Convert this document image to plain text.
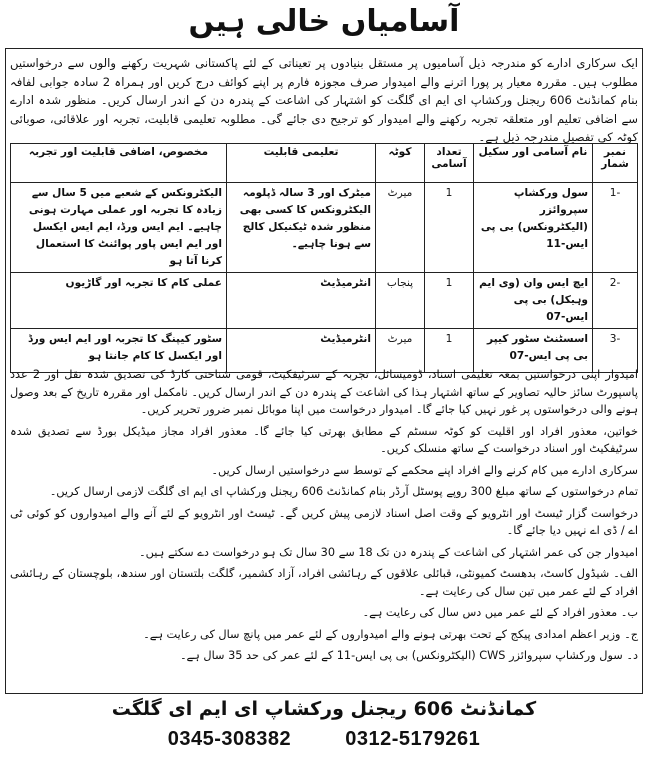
آسامیاں خالی ہیں
ایک سرکاری ادارے کو مندرجہ ذیل آسامیوں پر مستقل بنیادوں پر تعیناتی کے لئے پاکستانی شہریت رکھنے والوں سے درخواستیں مطلوب ہیں۔ مقررہ معیار پر پورا اترنے والے امیدوار صرف مجوزہ فارم پر اپنے کوائف درج کریں اور ہمراہ 2 سادہ جوابی لفافہ بنام کمانڈنٹ 606 ریجنل ورکشاپ ای ایم ای گلگت کو اشتہار کی اشاعت کے پندرہ دن کے اندر ارسال کریں۔ منظور شدہ ادارے سے اضافی تعلیم اور متعلقہ تجربہ رکھنے والے امیدوار کو ترجیح دی جائے گی۔ مطلوبہ تعلیمی قابلیت، تجربہ اور علاقائی، صوبائی کوٹہ کی تفصیل مندرجہ ذیل ہے۔
نمبر شمار	نام آسامی اور سکیل	تعداد آسامی	کوٹہ	تعلیمی قابلیت	مخصوص، اضافی قابلیت اور تجربہ
-1	سول ورکشاپ سپروائزر (الیکٹرونکس) بی پی ایس-11	1	میرٹ	میٹرک اور 3 سالہ ڈپلومہ الیکٹرونکس کا کسی بھی منظور شدہ ٹیکنیکل کالج سے ہونا چاہیے۔	الیکٹرونکس کے شعبے میں 5 سال سے زیادہ کا تجربہ اور عملی مہارت ہونی چاہیے۔ ایم ایس ورڈ، ایم ایس ایکسل اور ایم ایس پاور پوائنٹ کا استعمال کرنا آتا ہو
-2	ایچ ایس وان (وی ایم وہیکل) بی پی ایس-07	1	پنجاب	انٹرمیڈیٹ	عملی کام کا تجربہ اور گاڑیوں
-3	اسسٹنٹ سٹور کیپر بی پی ایس-07	1	میرٹ	انٹرمیڈیٹ	سٹور کیپنگ کا تجربہ اور ایم ایس ورڈ اور ایکسل کا کام جانتا ہو

امیدوار اپنی درخواستیں بمعہ تعلیمی اسناد، ڈومیسائل، تجربہ کے سرٹیفکیٹ، قومی شناختی کارڈ کی تصدیق شدہ نقل اور 2 عدد پاسپورٹ سائز حالیہ تصاویر کے ساتھ اشتہار ہذا کی اشاعت کے پندرہ دن کے اندر ارسال کریں۔ نامکمل اور مقررہ تاریخ کے بعد وصول ہونے والی درخواستوں پر غور نہیں کیا جائے گا۔ امیدوار درخواست میں اپنا موبائل نمبر ضرور تحریر کریں۔

خواتین، معذور افراد اور اقلیت کو کوٹہ سسٹم کے مطابق بھرتی کیا جائے گا۔ معذور افراد مجاز میڈیکل بورڈ سے تصدیق شدہ سرٹیفکیٹ اور اسناد درخواست کے ساتھ منسلک کریں۔

سرکاری ادارے میں کام کرنے والے افراد اپنے محکمے کے توسط سے درخواستیں ارسال کریں۔

تمام درخواستوں کے ساتھ مبلغ 300 روپے پوسٹل آرڈر بنام کمانڈنٹ 606 ریجنل ورکشاپ ای ایم ای گلگت لازمی ارسال کریں۔

درخواست گزار ٹیسٹ اور انٹرویو کے وقت اصل اسناد لازمی پیش کریں گے۔ ٹیسٹ اور انٹرویو کے لئے آنے والے امیدواروں کو کوئی ٹی اے / ڈی اے نہیں دیا جائے گا۔

امیدوار جن کی عمر اشتہار کی اشاعت کے پندرہ دن تک 18 سے 30 سال تک ہو درخواست دے سکتے ہیں۔

الف۔ شیڈول کاسٹ، بدھسٹ کمیونٹی، قبائلی علاقوں کے رہائشی افراد، آزاد کشمیر، گلگت بلتستان اور سندھ، بلوچستان کے رہائشی افراد کے لئے عمر میں تین سال کی رعایت ہے۔

ب۔ معذور افراد کے لئے عمر میں دس سال کی رعایت ہے۔

ج۔ وزیر اعظم امدادی پیکج کے تحت بھرتی ہونے والے امیدواروں کے لئے عمر میں پانچ سال کی رعایت ہے۔

د۔ سول ورکشاپ سپروائزر CWS (الیکٹرونکس) بی پی ایس-11 کے لئے عمر کی حد 35 سال ہے۔

کمانڈنٹ 606 ریجنل ورکشاپ ای ایم ای گلگت
0345-308382	0312-5179261
